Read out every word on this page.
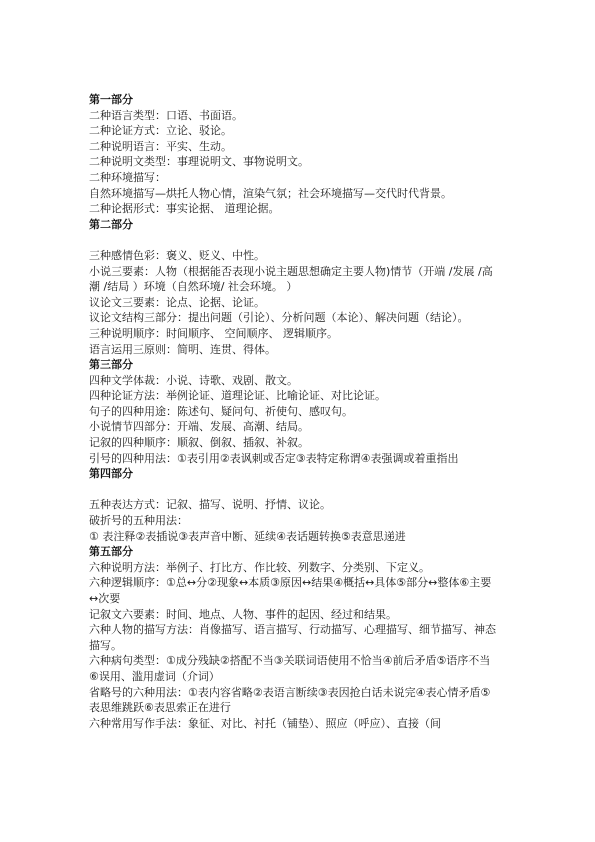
第一部分
二种语言类型：口语、书面语。
二种论证方式：立论、驳论。
二种说明语言：平实、生动。
二种说明文类型：事理说明文、事物说明文。
二种环境描写：
自然环境描写—烘托人物心情，渲染气氛；社会环境描写—交代时代背景。
二种论据形式：事实论据、 道理论据。
第二部分
三种感情色彩：褒义、贬义、中性。
小说三要素：人物（根据能否表现小说主题思想确定主要人物)情节（开端 /发展 /高潮 /结局 ）环境（自然环境/ 社会环境。 ）
议论文三要素：论点、论据、论证。
议论文结构三部分：提出问题（引论）、分析问题（本论）、解决问题（结论）。
三种说明顺序：时间顺序、 空间顺序、 逻辑顺序。
语言运用三原则：简明、连贯、得体。
第三部分
四种文学体裁：小说、诗歌、戏剧、散文。
四种论证方法：举例论证、道理论证、比喻论证、对比论证。
句子的四种用途：陈述句、疑问句、祈使句、感叹句。
小说情节四部分：开端、发展、高潮、结局。
记叙的四种顺序：顺叙、倒叙、插叙、补叙。
引号的四种用法：①表引用②表讽刺或否定③表特定称谓④表强调或着重指出
第四部分
五种表达方式：记叙、描写、说明、抒情、议论。
破折号的五种用法：
① 表注释②表插说③表声音中断、延续④表话题转换⑤表意思递进
第五部分
六种说明方法：举例子、打比方、作比较、列数字、分类别、下定义。
六种逻辑顺序：①总↔分②现象↔本质③原因↔结果④概括↔具体⑤部分↔整体⑥主要↔次要
记叙文六要素：时间、地点、人物、事件的起因、经过和结果。
六种人物的描写方法：肖像描写、语言描写、行动描写、心理描写、细节描写、神态描写。
六种病句类型：①成分残缺②搭配不当③关联词语使用不恰当④前后矛盾⑤语序不当⑥误用、滥用虚词（介词）
省略号的六种用法：①表内容省略②表语言断续③表因抢白话未说完④表心情矛盾⑤表思维跳跃⑥表思索正在进行
六种常用写作手法：象征、对比、衬托（铺垫）、照应（呼应）、直接（间
